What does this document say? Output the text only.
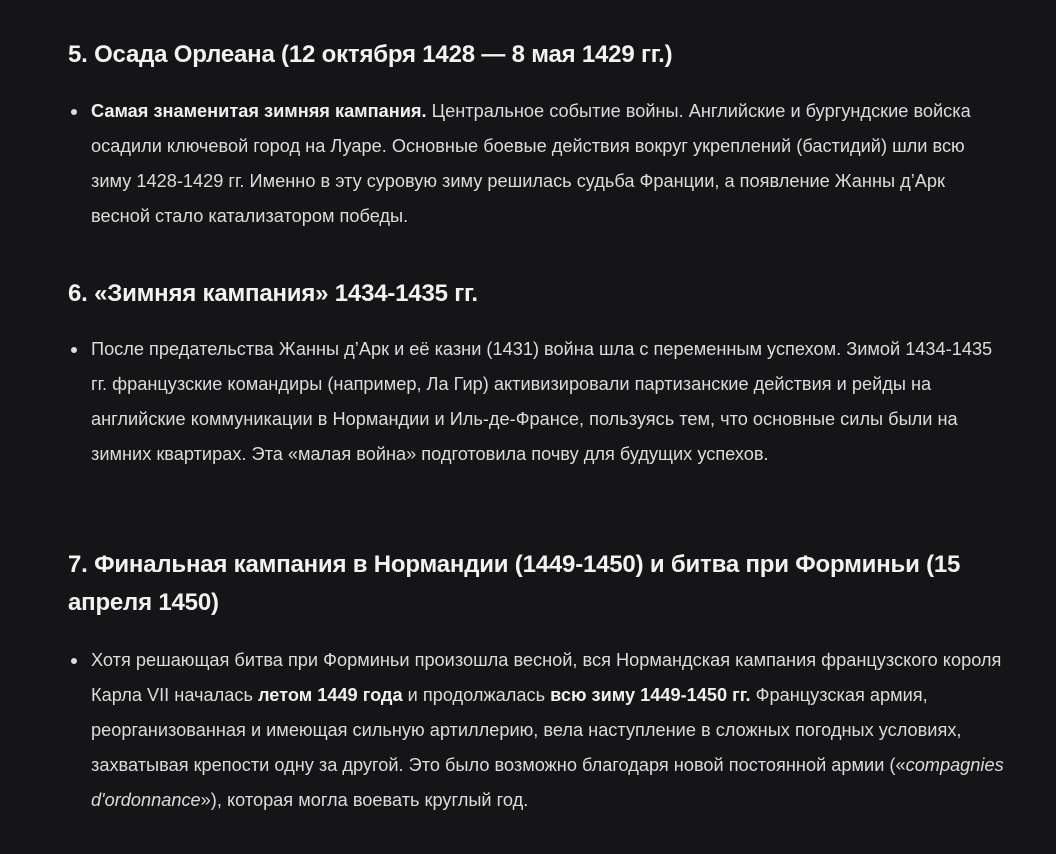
5. Осада Орлеана (12 октября 1428 — 8 мая 1429 гг.)
Самая знаменитая зимняя кампания. Центральное событие войны. Английские и бургундские войска осадили ключевой город на Луаре. Основные боевые действия вокруг укреплений (бастидий) шли всю зиму 1428-1429 гг. Именно в эту суровую зиму решилась судьба Франции, а появление Жанны д’Арк весной стало катализатором победы.
6. «Зимняя кампания» 1434-1435 гг.
После предательства Жанны д’Арк и её казни (1431) война шла с переменным успехом. Зимой 1434-1435 гг. французские командиры (например, Ла Гир) активизировали партизанские действия и рейды на английские коммуникации в Нормандии и Иль-де-Франсе, пользуясь тем, что основные силы были на зимних квартирах. Эта «малая война» подготовила почву для будущих успехов.
7. Финальная кампания в Нормандии (1449-1450) и битва при Форминьи (15 апреля 1450)
Хотя решающая битва при Форминьи произошла весной, вся Нормандская кампания французского короля Карла VII началась летом 1449 года и продолжалась всю зиму 1449-1450 гг. Французская армия, реорганизованная и имеющая сильную артиллерию, вела наступление в сложных погодных условиях, захватывая крепости одну за другой. Это было возможно благодаря новой постоянной армии («compagnies d'ordonnance»), которая могла воевать круглый год.
